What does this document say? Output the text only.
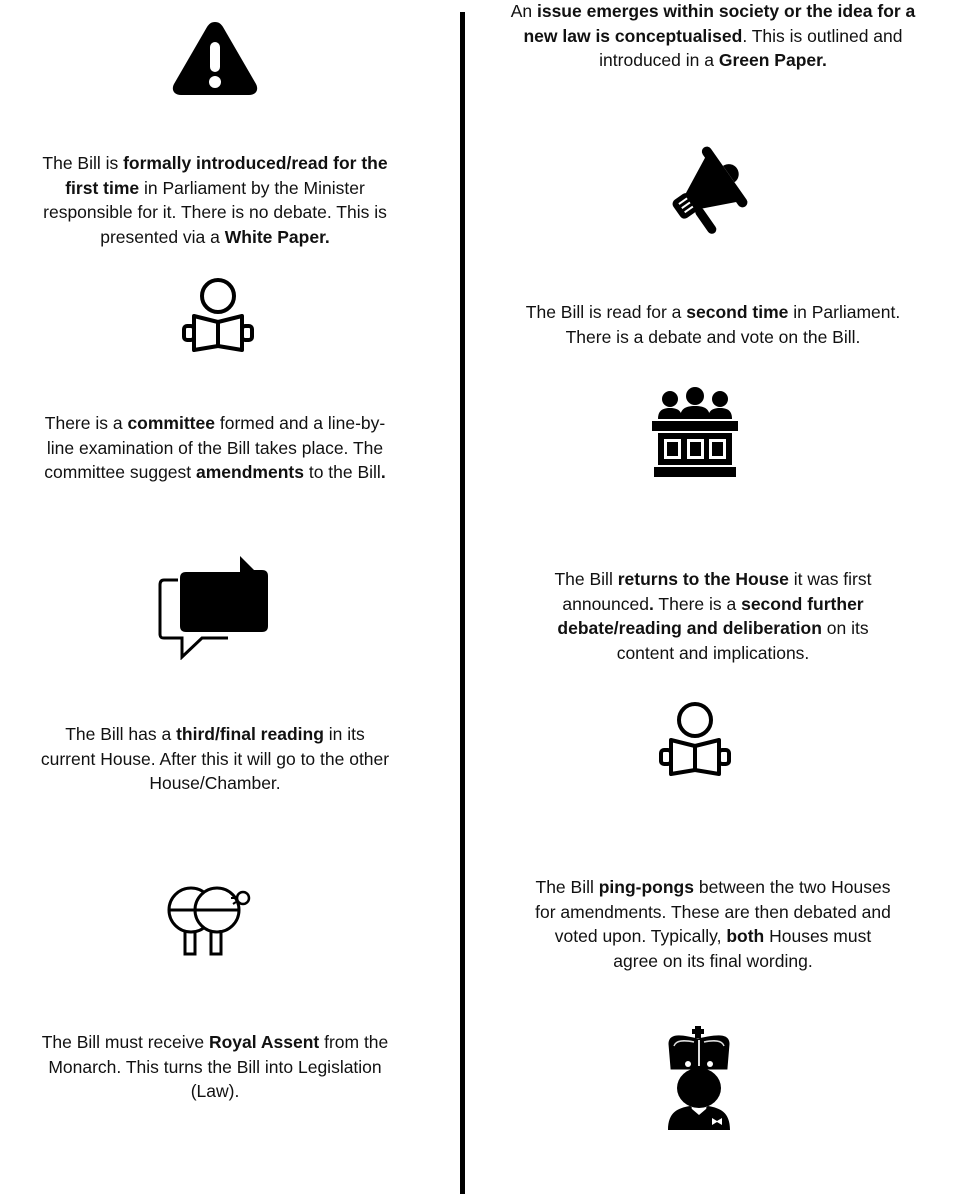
The Bill is formally introduced/read for the
first time in Parliament by the Minister
responsible for it. There is no debate. This is
presented via a White Paper.
There is a committee formed and a line-by-
line examination of the Bill takes place. The
committee suggest amendments to the Bill.
The Bill has a third/final reading in its
current House. After this it will go to the other
House/Chamber.
The Bill must receive Royal Assent from the
Monarch. This turns the Bill into Legislation
(Law).
An issue emerges within society or the idea for a
new law is conceptualised. This is outlined and
introduced in a Green Paper.
The Bill is read for a second time in Parliament.
There is a debate and vote on the Bill.
The Bill returns to the House it was first
announced. There is a second further
debate/reading and deliberation on its
content and implications.
The Bill ping-pongs between the two Houses
for amendments. These are then debated and
voted upon. Typically, both Houses must
agree on its final wording.
